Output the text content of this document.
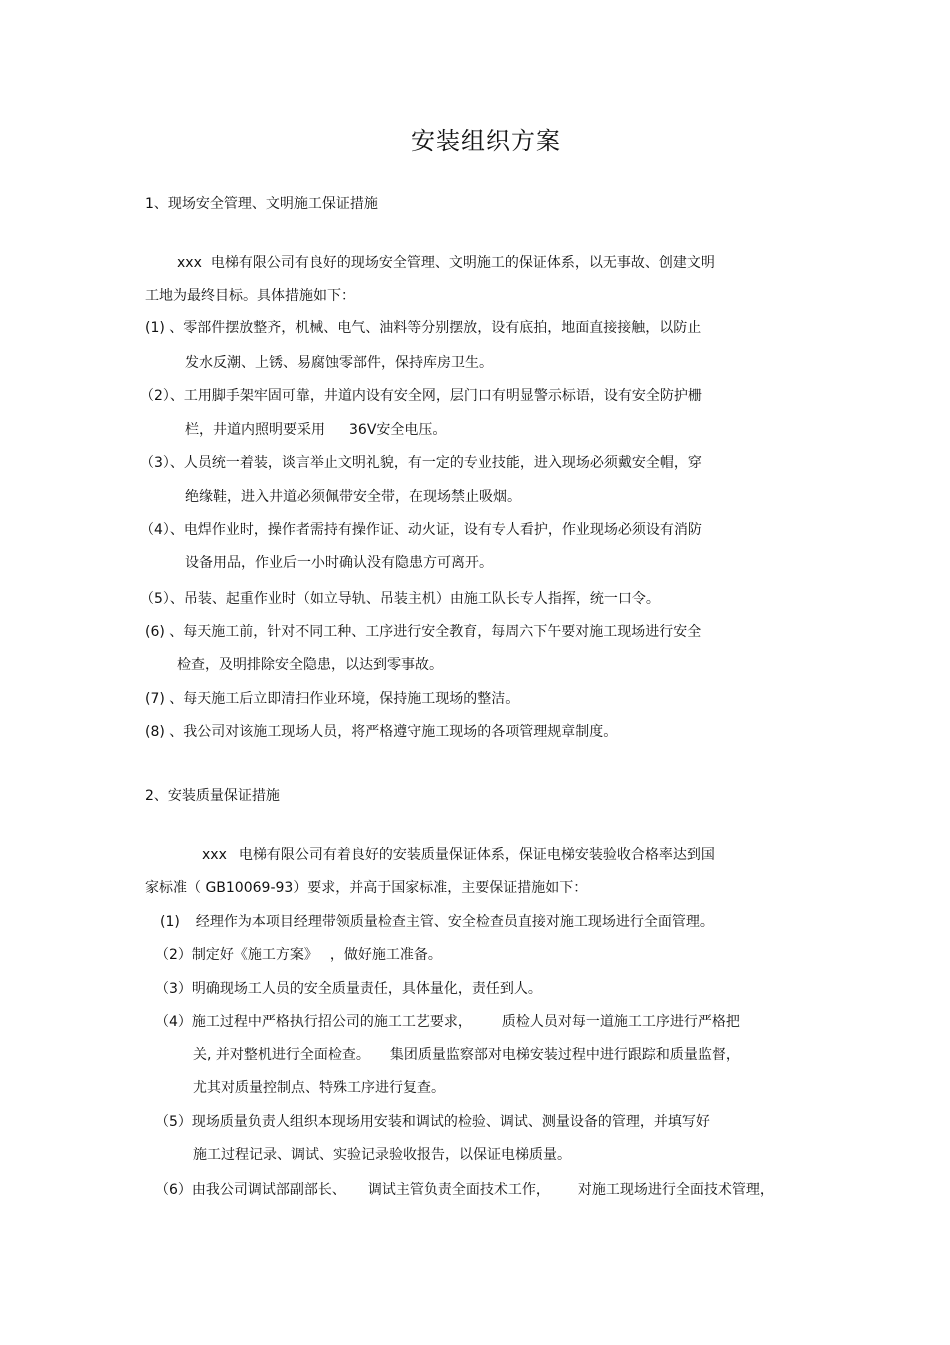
安装组织方案
1、现场安全管理、文明施工保证措施
xxx 电梯有限公司有良好的现场安全管理、文明施工的保证体系，以无事故、创建文明
工地为最终目标。具体措施如下：
(1) 、零部件摆放整齐，机械、电气、油料等分别摆放，设有底拍，地面直接接触，以防止
发水反潮、上锈、易腐蚀零部件，保持库房卫生。
（2）、工用脚手架牢固可靠，井道内设有安全网，层门口有明显警示标语，设有安全防护栅
栏，井道内照明要采用 36V安全电压。
（3）、人员统一着装，谈言举止文明礼貌，有一定的专业技能，进入现场必须戴安全帽，穿
绝缘鞋，进入井道必须佩带安全带，在现场禁止吸烟。
（4）、电焊作业时，操作者需持有操作证、动火证，设有专人看护，作业现场必须设有消防
设备用品，作业后一小时确认没有隐患方可离开。
（5）、吊装、起重作业时（如立导轨、吊装主机）由施工队长专人指挥，统一口令。
(6) 、每天施工前，针对不同工种、工序进行安全教育，每周六下午要对施工现场进行安全
检查，及明排除安全隐患，以达到零事故。
(7) 、每天施工后立即清扫作业环境，保持施工现场的整洁。
(8) 、我公司对该施工现场人员，将严格遵守施工现场的各项管理规章制度。
2、安装质量保证措施
xxx 电梯有限公司有着良好的安装质量保证体系，保证电梯安装验收合格率达到国
家标准（ GB10069-93）要求，并高于国家标准，主要保证措施如下：
(1) 经理作为本项目经理带领质量检查主管、安全检查员直接对施工现场进行全面管理。
（2）制定好《施工方案》 ，做好施工准备。
（3）明确现场工人员的安全质量责任，具体量化，责任到人。
（4）施工过程中严格执行招公司的施工工艺要求， 质检人员对每一道施工工序进行严格把
关, 并对整机进行全面检查。 集团质量监察部对电梯安装过程中进行跟踪和质量监督，
尤其对质量控制点、特殊工序进行复查。
（5）现场质量负责人组织本现场用安装和调试的检验、调试、测量设备的管理，并填写好
施工过程记录、调试、实验记录验收报告，以保证电梯质量。
（6）由我公司调试部副部长、 调试主管负责全面技术工作， 对施工现场进行全面技术管理，
